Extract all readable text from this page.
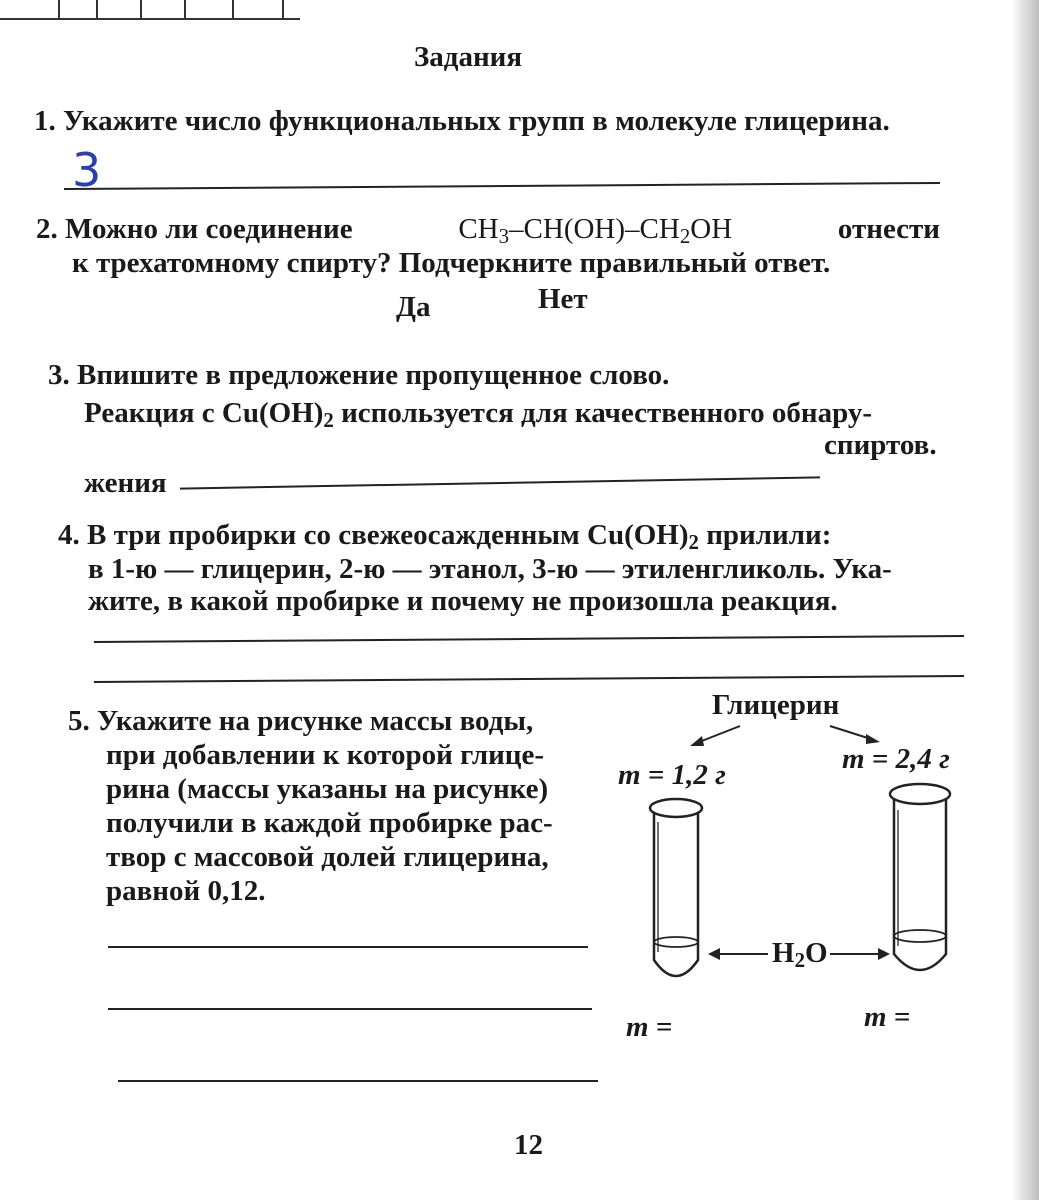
Задания
1. Укажите число функциональных групп в молекуле глицерина.
3
2. Можно ли соединение	$CH_3-CH(OH)-CH_2OH$	отнести
к трехатомному спирту? Подчеркните правильный ответ.
Да	Нет
3. Впишите в предложение пропущенное слово.
Реакция с $Cu(OH)_2$ используется для качественного обнару-
жения
спиртов.
4. В три пробирки со свежеосажденным $Cu(OH)_2$ прилили:
в 1-ю — глицерин, 2-ю — этанол, 3-ю — этиленгликоль. Ука-
жите, в какой пробирке и почему не произошла реакция.
5. Укажите на рисунке массы воды,
при добавлении к которой глице-
рина (массы указаны на рисунке)
получили в каждой пробирке рас-
твор с массовой долей глицерина,
равной 0,12.
Глицерин
m = 1,2 г	m = 2,4 г
$H_2O$
m =	m =
12
